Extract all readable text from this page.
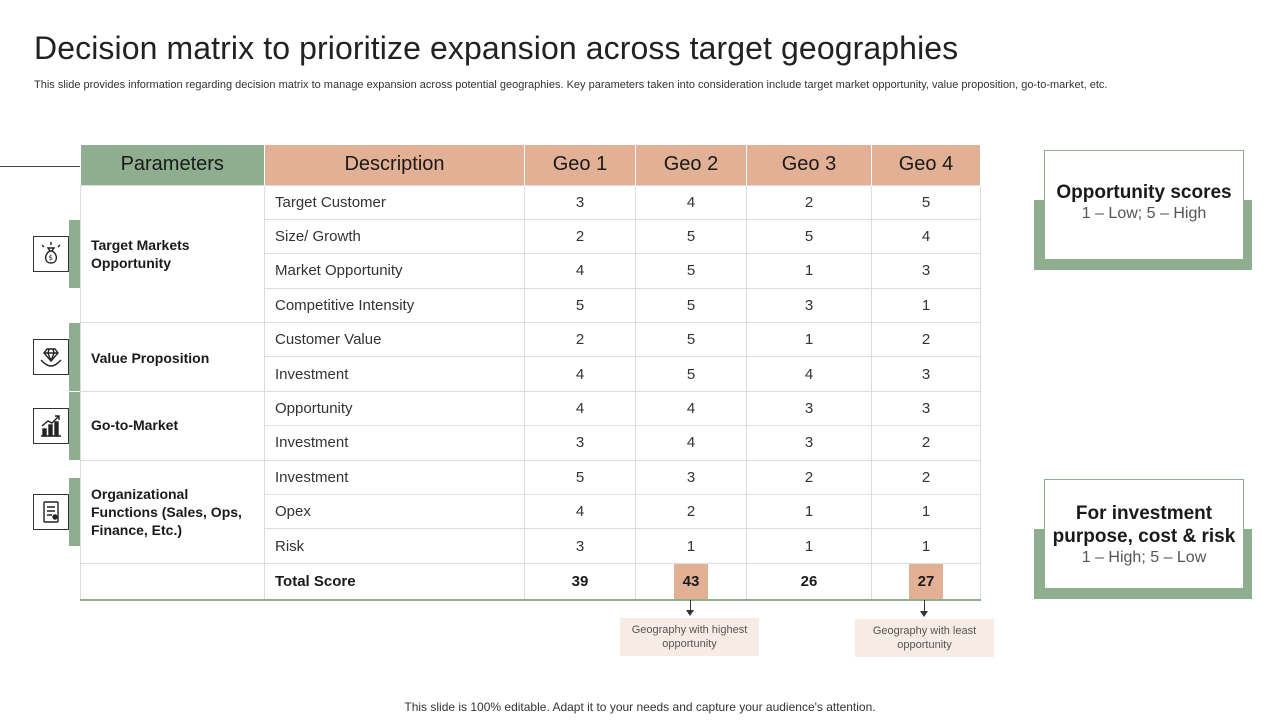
Decision matrix to prioritize expansion across target geographies
This slide provides information regarding decision matrix to manage expansion across potential geographies. Key parameters taken into consideration include target market opportunity, value proposition, go-to-market, etc.
Parameters	Description	Geo 1	Geo 2	Geo 3	Geo 4
	Target Customer	3	4	2	5
	Size/ Growth	2	5	5	4
	Market Opportunity	4	5	1	3
	Competitive Intensity	5	5	3	1
	Customer Value	2	5	1	2
	Investment	4	5	4	3
	Opportunity	4	4	3	3
	Investment	3	4	3	2
	Investment	5	3	2	2
	Opex	4	2	1	1
	Risk	3	1	1	1
	Total Score	39	43	26	27
$
Target Markets Opportunity
Value Proposition
Go-to-Market
Organizational Functions (Sales, Ops, Finance, Etc.)
Opportunity scores
1 – Low; 5 – High
For investment purpose, cost & risk
1 – High; 5 – Low
Geography with highest opportunity
Geography with least opportunity
This slide is 100% editable. Adapt it to your needs and capture your audience's attention.
